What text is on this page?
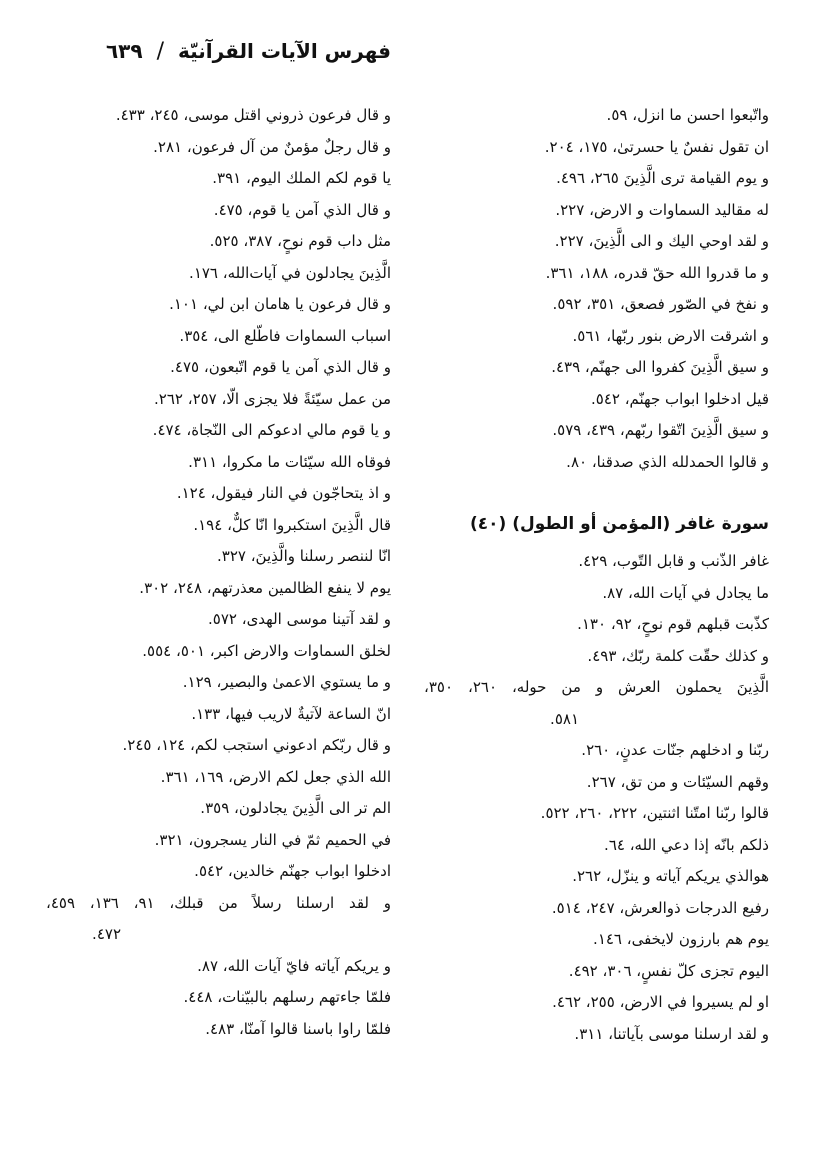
فهرس الآيات القرآنيّة
/
٦٣٩
واتّبعوا احسن ما انزل، ٥٩.
ان تقول نفسٌ يا حسرتىٰ، ١٧٥، ٢٠٤.
و يوم القيامة ترى الَّذِينَ ٢٦٥، ٤٩٦.
له مقاليد السماوات و الارض، ٢٢٧.
و لقد اوحي اليك و الى الَّذِينَ، ٢٢٧.
و ما قدروا الله حقّ قدره، ١٨٨، ٣٦١.
و نفخ في الصّور فصعق، ٣٥١، ٥٩٢.
و اشرقت الارض بنور ربّها، ٥٦١.
و سيق الَّذِينَ كفروا الى جهنّم، ٤٣٩.
قيل ادخلوا ابواب جهنّم، ٥٤٢.
و سيق الَّذِينَ اتّقوا ربّهم، ٤٣٩، ٥٧٩.
و قالوا الحمدلله الذي صدقنا، ٨٠.
سورة غافر (المؤمن أو الطول) (٤٠)
غافر الذّنب و قابل التّوب، ٤٢٩.
ما يجادل في آيات الله، ٨٧.
كذّبت قبلهم قوم نوحٍ، ٩٢، ١٣٠.
و كذلك حقّت كلمة ربّك، ٤٩٣.
الَّذِينَ يحملون العرش و من حوله، ٢٦٠، ٣٥٠،
٥٨١.
ربّنا و ادخلهم جنّات عدنٍ، ٢٦٠.
وقهم السيّئات و من تق، ٢٦٧.
قالوا ربّنا امتّنا اثنتين، ٢٢٢، ٢٦٠، ٥٢٢.
ذلكم بانّه إذا دعي الله، ٦٤.
هوالذي يريكم آياته و ينزّل، ٢٦٢.
رفيع الدرجات ذوالعرش، ٢٤٧، ٥١٤.
يوم هم بارزون لايخفى، ١٤٦.
اليوم تجزى كلّ نفسٍ، ٣٠٦، ٤٩٢.
او لم يسيروا في الارض، ٢٥٥، ٤٦٢.
و لقد ارسلنا موسى بآياتنا، ٣١١.
و قال فرعون ذروني اقتل موسى، ٢٤٥، ٤٣٣.
و قال رجلٌ مؤمنٌ من آل فرعون، ٢٨١.
يا قوم لكم الملك اليوم، ٣٩١.
و قال الذي آمن يا قوم، ٤٧٥.
مثل داب قوم نوحٍ، ٣٨٧، ٥٢٥.
الَّذِينَ يجادلون في آيات‌الله، ١٧٦.
و قال فرعون يا هامان ابن لي، ١٠١.
اسباب السماوات فاطّلع الى، ٣٥٤.
و قال الذي آمن يا قوم اتّبعون، ٤٧٥.
من عمل سيّئةً فلا يجزى الّا، ٢٥٧، ٢٦٢.
و يا قوم مالي ادعوكم الى النّجاة، ٤٧٤.
فوقاه الله سيّئات ما مكروا، ٣١١.
و اذ يتحاجّون في النار فيقول، ١٢٤.
قال الَّذِينَ استكبروا انّا كلٌّ، ١٩٤.
انّا لننصر رسلنا والَّذِينَ، ٣٢٧.
يوم لا ينفع الظالمين معذرتهم، ٢٤٨، ٣٠٢.
و لقد آتينا موسى الهدى، ٥٧٢.
لخلق السماوات والارض اكبر، ٥٠١، ٥٥٤.
و ما يستوي الاعمىٰ والبصير، ١٢٩.
انّ الساعة لآتيةٌ لاريب فيها، ١٣٣.
و قال ربّكم ادعوني استجب لكم، ١٢٤، ٢٤٥.
الله الذي جعل لكم الارض، ١٦٩، ٣٦١.
الم تر الى الَّذِينَ يجادلون، ٣٥٩.
في الحميم ثمّ في النار يسجرون، ٣٢١.
ادخلوا ابواب جهنّم خالدين، ٥٤٢.
و لقد ارسلنا رسلاً من قبلك، ٩١، ١٣٦، ٤٥٩،
٤٧٢.
و يريكم آياته فايّ آيات الله، ٨٧.
فلمّا جاءتهم رسلهم بالبيّنات، ٤٤٨.
فلمّا راوا باسنا قالوا آمنّا، ٤٨٣.
